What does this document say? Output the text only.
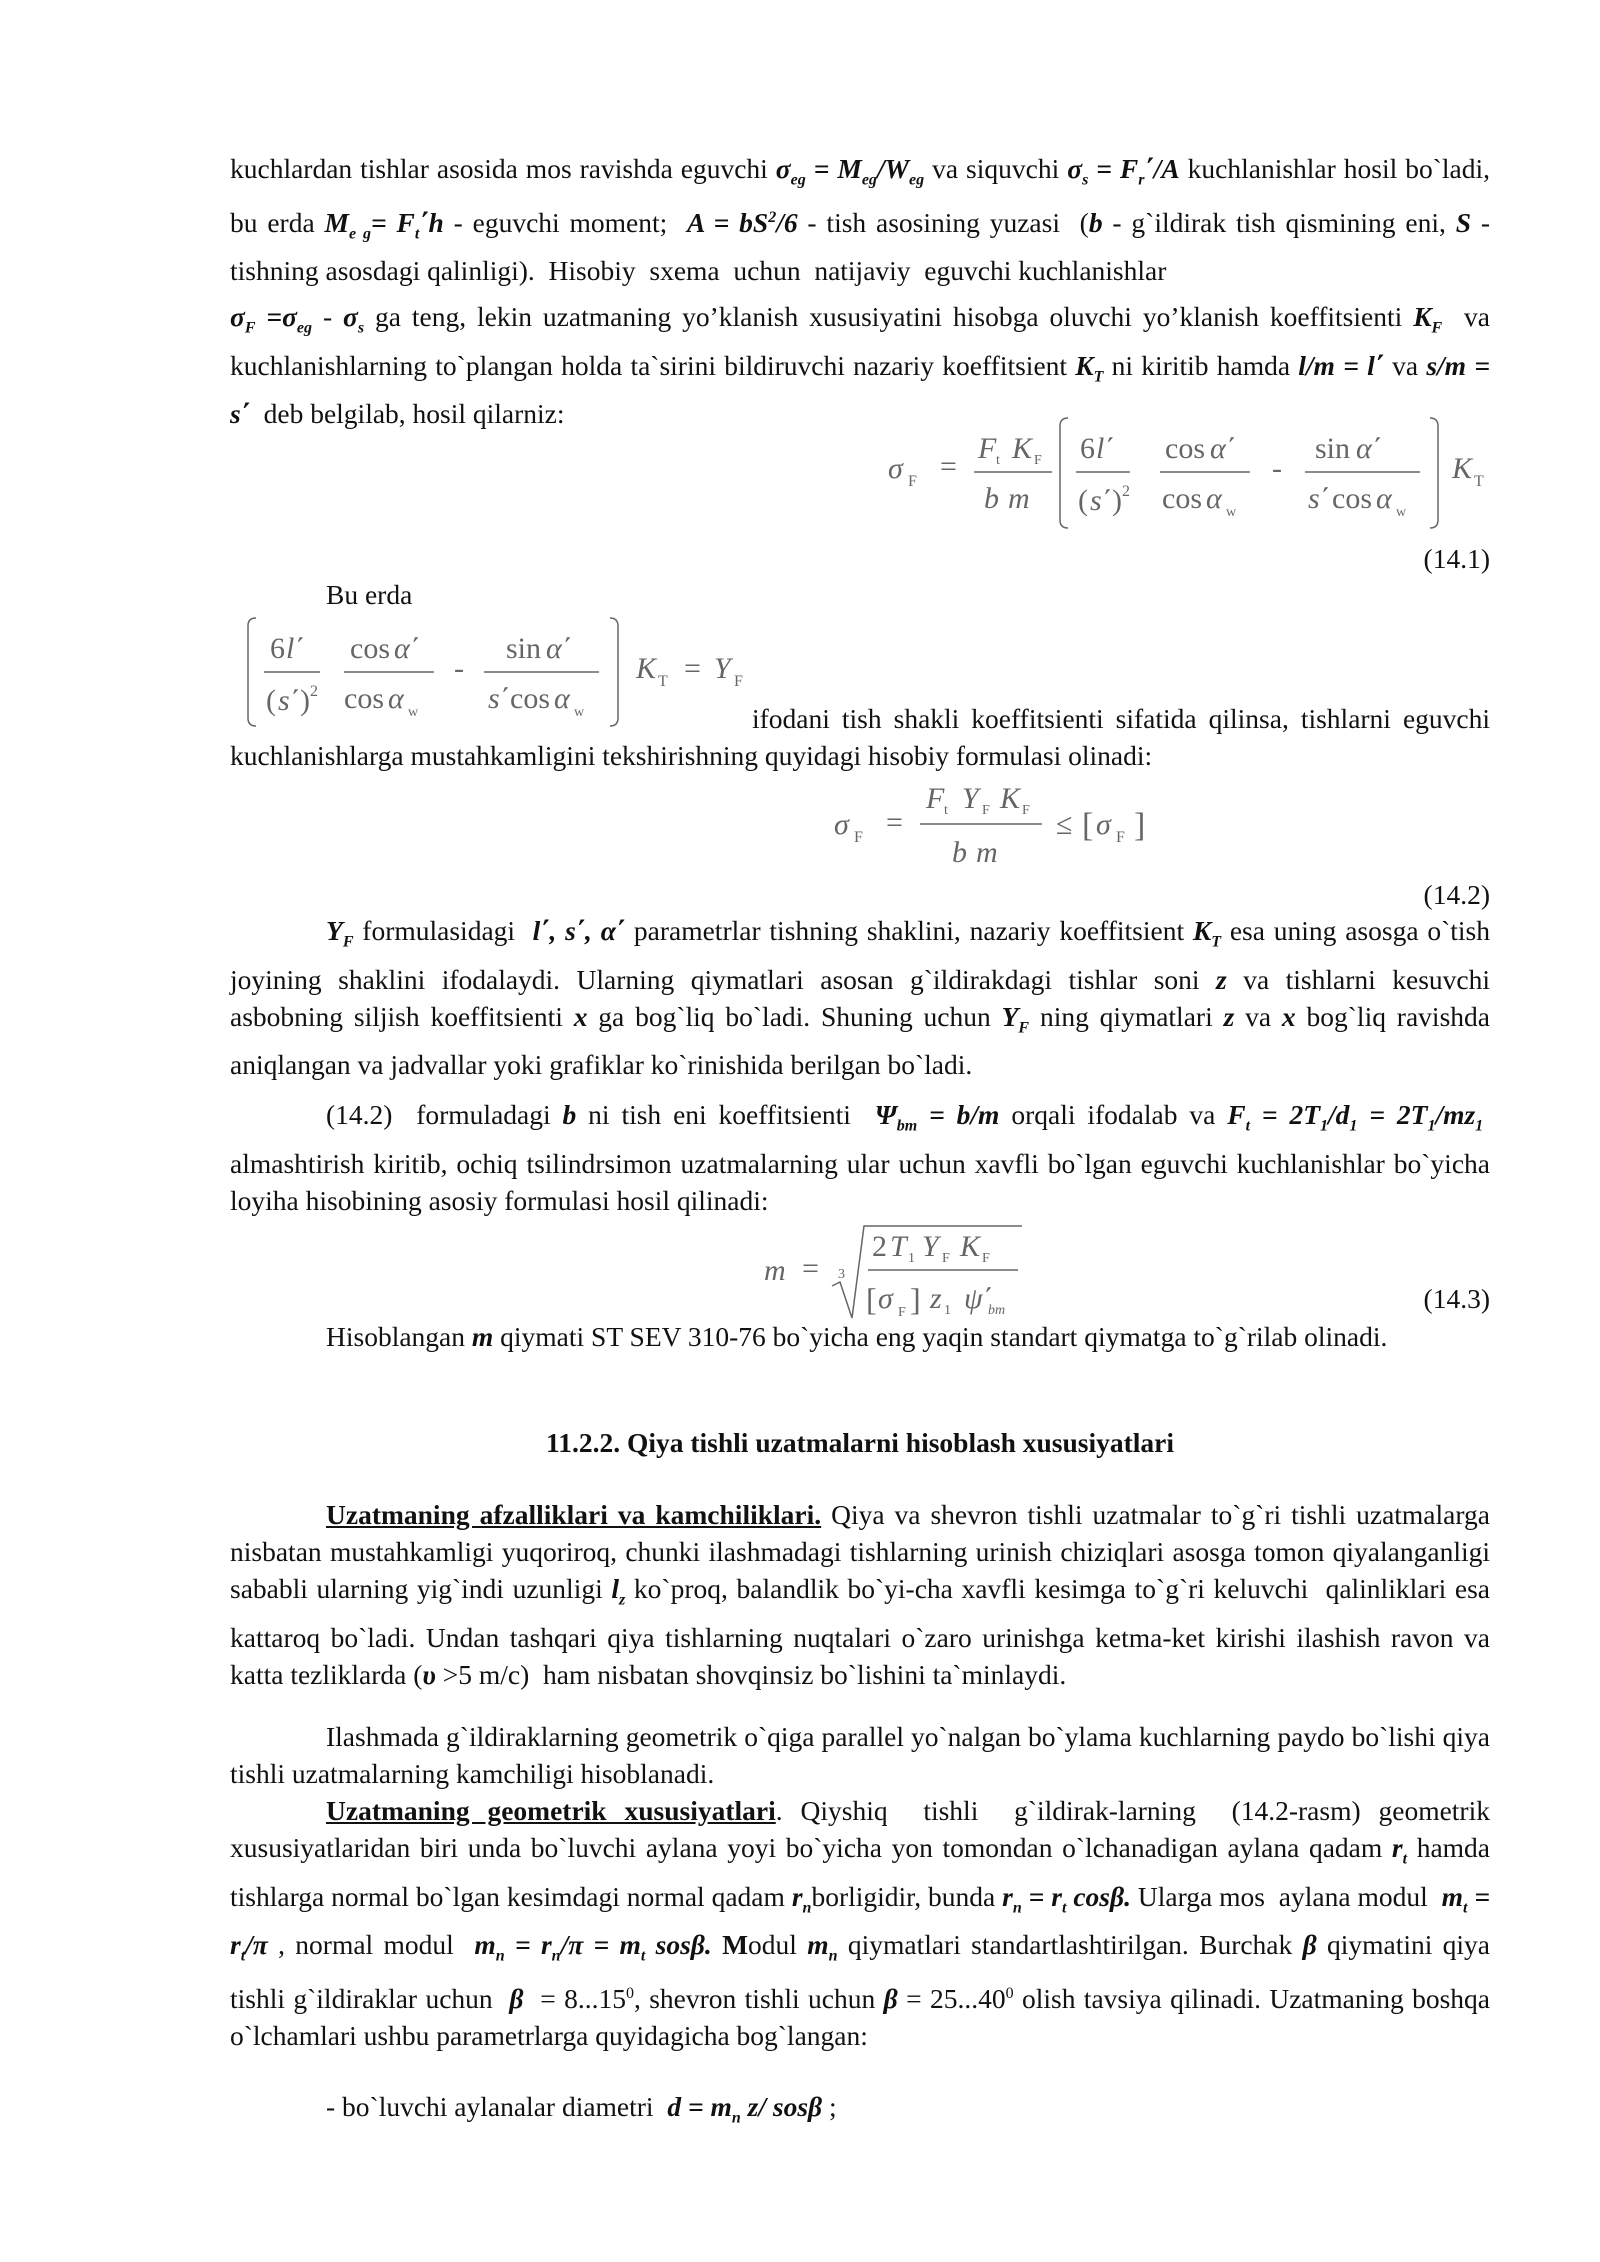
kuchlardan tishlar asosida mos ravishda eguvchi $\sigma_{eg} = M_{eg}/W_{eg}$ va siquvchi $\sigma_s = F_r΄/A$ kuchlanishlar hosil bo`ladi, bu erda $M_{e g}= F_t΄h$ - eguvchi moment;  $A = bS^2/6$ - tish asosining yuzasi  (b - g`ildirak tish qismining eni, S - tishning asosdagi qalinligi).  Hisobiy  sxema  uchun  natijaviy  eguvchi kuchlanishlar
$\sigma_F =\sigma_{eg} - \sigma_s$ ga teng, lekin uzatmaning yo’klanish xususiyatini hisobga oluvchi yo’klanish koeffitsienti $K_F$  va kuchlanishlarning to`plangan holda ta`sirini bildiruvchi nazariy koeffitsient $K_T$ ni kiritib hamda l/m = l΄ va s/m = s΄  deb belgilab, hosil qilarniz:
σ F =
F t K F
b m
6 l΄
( s΄ ) 2
cos α΄
cos α w
-
sin α΄
s΄ cos α w
K T
(14.1)
Bu erda
6 l΄
( s΄ ) 2
cos α΄
cos α w
-
sin α΄
s΄ cos α w
K T = Y F
ifodani tish shakli koeffitsienti sifatida qilinsa, tishlarni eguvchi kuchlanishlarga mustahkamligini tekshirishning quyidagi hisobiy formulasi olinadi:
σ F =
F t Y F K F
b m
≤ [ σ F ]
(14.2)
$Y_F$ formulasidagi  l΄, s΄, α΄ parametrlar tishning shaklini, nazariy koeffitsient $K_T$ esa uning asosga o`tish joyining shaklini ifodalaydi. Ularning qiymatlari asosan g`ildirakdagi tishlar soni z va tishlarni kesuvchi asbobning siljish koeffitsienti x ga bog`liq bo`ladi. Shuning uchun $Y_F$ ning qiymatlari z va x bog`liq ravishda aniqlangan va jadvallar yoki grafiklar ko`rinishida berilgan bo`ladi.
(14.2)  formuladagi b ni tish eni koeffitsienti  $\Psi_{bm} = b/m$ orqali ifodalab va $F_t = 2T_1/d_1 = 2T_1/mz_1$  almashtirish kiritib, ochiq tsilindrsimon uzatmalarning ular uchun xavfli bo`lgan eguvchi kuchlanishlar bo`yicha loyiha hisobining asosiy formulasi hosil qilinadi:
m = 3
2 T 1 Y F K F
[ σ F ] z 1 ψ΄
bm	(14.3)
Hisoblangan m qiymati ST SEV 310-76 bo`yicha eng yaqin standart qiymatga to`g`rilab olinadi.
11.2.2. Qiya tishli uzatmalarni hisoblash xususiyatlari
Uzatmaning afzalliklari va kamchiliklari. Qiya va shevron tishli uzatmalar to`g`ri tishli uzatmalarga nisbatan mustahkamligi yuqoriroq, chunki ilashmadagi tishlarning urinish chiziqlari asosga tomon qiyalanganligi sababli ularning yig`indi uzunligi $l_z$ ko`proq, balandlik bo`yi-cha xavfli kesimga to`g`ri keluvchi  qalinliklari esa kattaroq bo`ladi. Undan tashqari qiya tishlarning nuqtalari o`zaro urinishga ketma-ket kirishi ilashish ravon va katta tezliklarda (υ >5 m/c)  ham nisbatan shovqinsiz bo`lishini ta`minlaydi.
Ilashmada g`ildiraklarning geometrik o`qiga parallel yo`nalgan bo`ylama kuchlarning paydo bo`lishi qiya tishli uzatmalarning kamchiligi hisoblanadi.
Uzatmaning geometrik xususiyatlari. Qiyshiq  tishli  g`ildirak-larning  (14.2-rasm) geometrik xususiyatlaridan biri unda bo`luvchi aylana yoyi bo`yicha yon tomondan o`lchanadigan aylana qadam $r_t$ hamda tishlarga normal bo`lgan kesimdagi normal qadam $r_nborligidir$, bunda $r_n = r_t$ cosβ. Ularga mos  aylana modul  $m_t = r_t/\pi$ , normal modul  $m_n = r_n/\pi = m_t$ sosβ. Modul $m_n$ qiymatlari standartlashtirilgan. Burchak β qiymatini qiya tishli g`ildiraklar uchun  $\beta = 8...15^0$, shevron tishli uchun $\beta = 25...40^0$ olish tavsiya qilinadi. Uzatmaning boshqa o`lchamlari ushbu parametrlarga quyidagicha bog`langan:
- bo`luvchi aylanalar diametri  $d = m_n$ z/ sosβ ;
